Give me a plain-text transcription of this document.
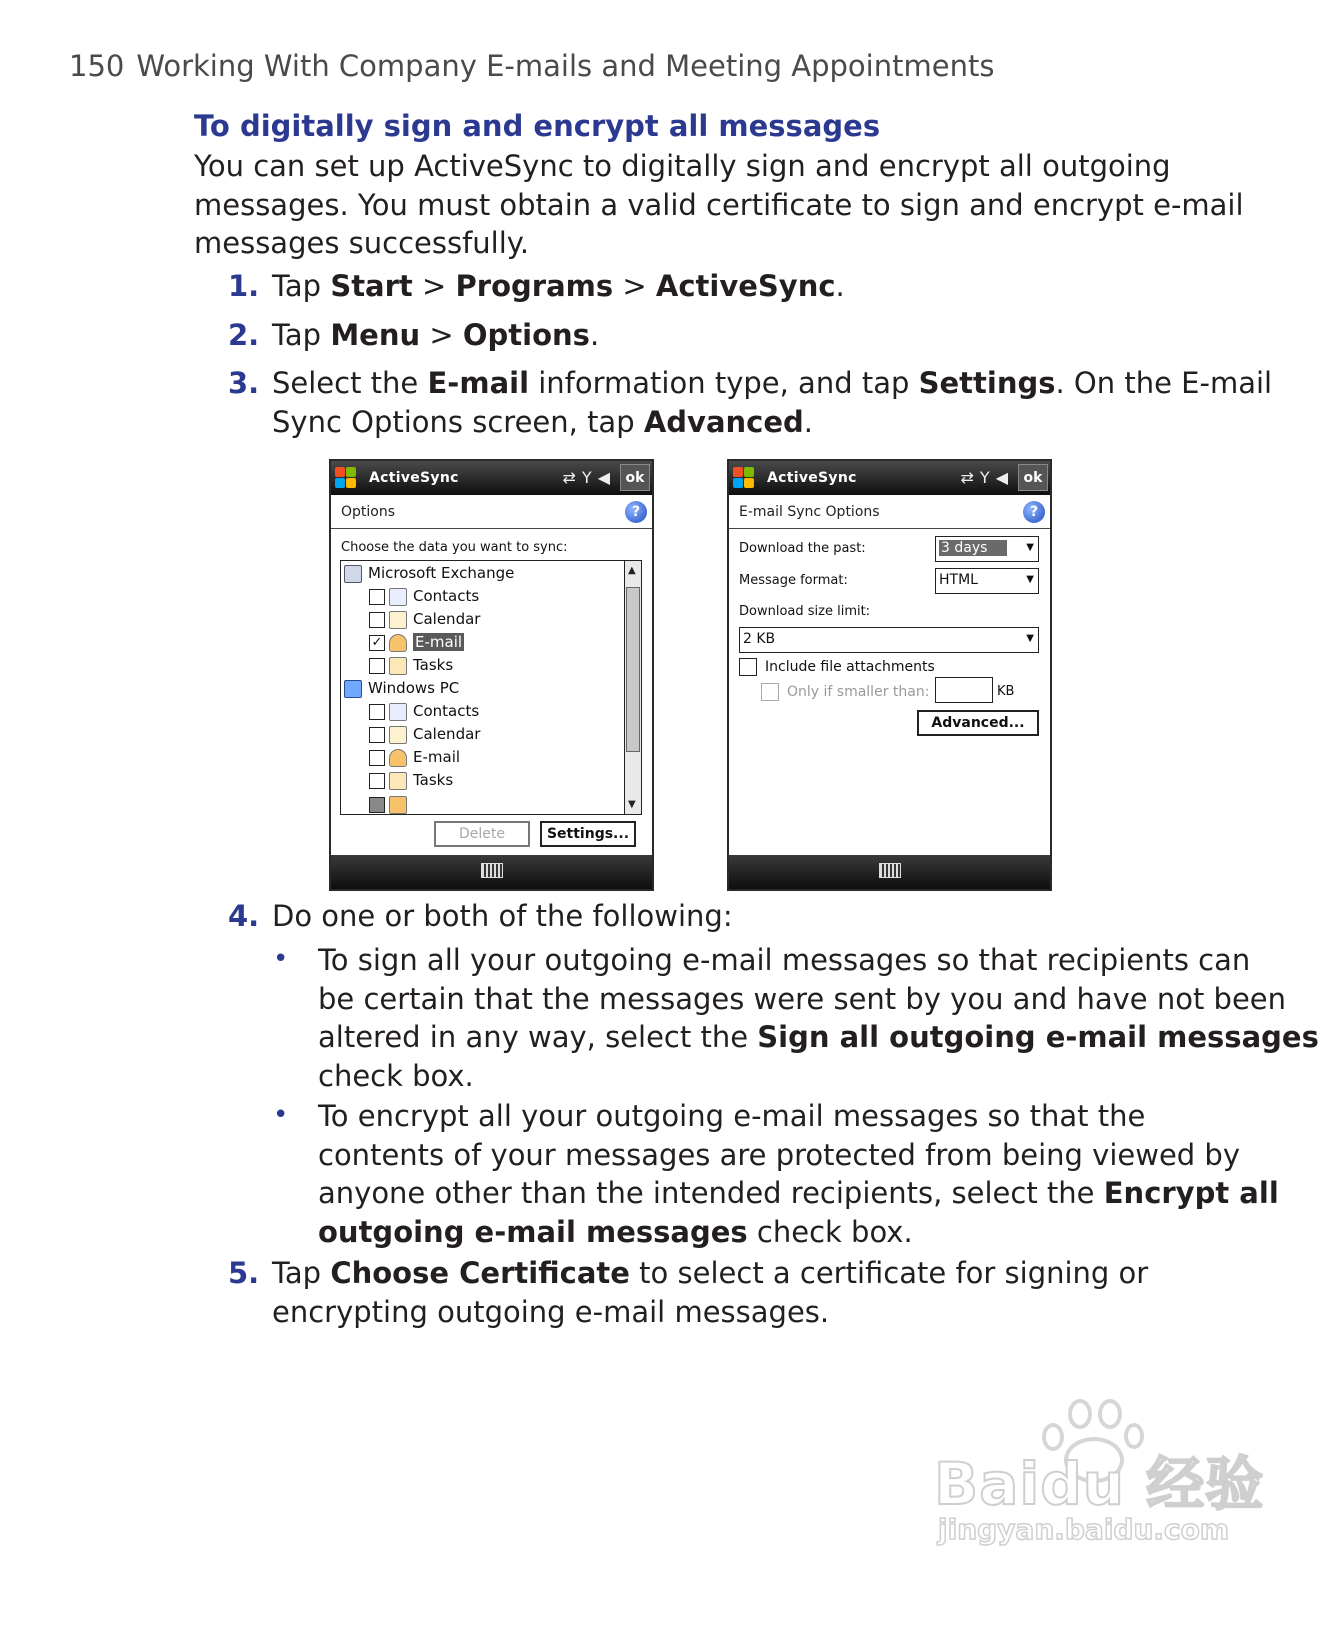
150 Working With Company E-mails and Meeting Appointments
To digitally sign and encrypt all messages
You can set up ActiveSync to digitally sign and encrypt all outgoing
messages. You must obtain a valid certificate to sign and encrypt e-mail
messages successfully.
1. Tap Start > Programs > ActiveSync.
2. Tap Menu > Options.
3. Select the E-mail information type, and tap Settings. On the E-mail
Sync Options screen, tap Advanced.
ActiveSync	⇄Y◀ ok
Options	?
Choose the data you want to sync:
Microsoft Exchange
Contacts
Calendar
✓ E-mail
Tasks
Windows PC
Contacts
Calendar
E-mail
Tasks
▲
▼
Delete	Settings...
ActiveSync	⇄Y◀ ok
E-mail Sync Options	?
Download the past:	3 days	▼
Message format:	HTML	▼
Download size limit:
2 KB	▼
Include file attachments
Only if smaller than:	KB
Advanced...
4. Do one or both of the following:
• To sign all your outgoing e-mail messages so that recipients can
be certain that the messages were sent by you and have not been
altered in any way, select the Sign all outgoing e-mail messages
check box.
• To encrypt all your outgoing e-mail messages so that the
contents of your messages are protected from being viewed by
anyone other than the intended recipients, select the Encrypt all
outgoing e-mail messages check box.
5. Tap Choose Certificate to select a certificate for signing or
encrypting outgoing e-mail messages.
Baidu 经验
jingyan.baidu.com
